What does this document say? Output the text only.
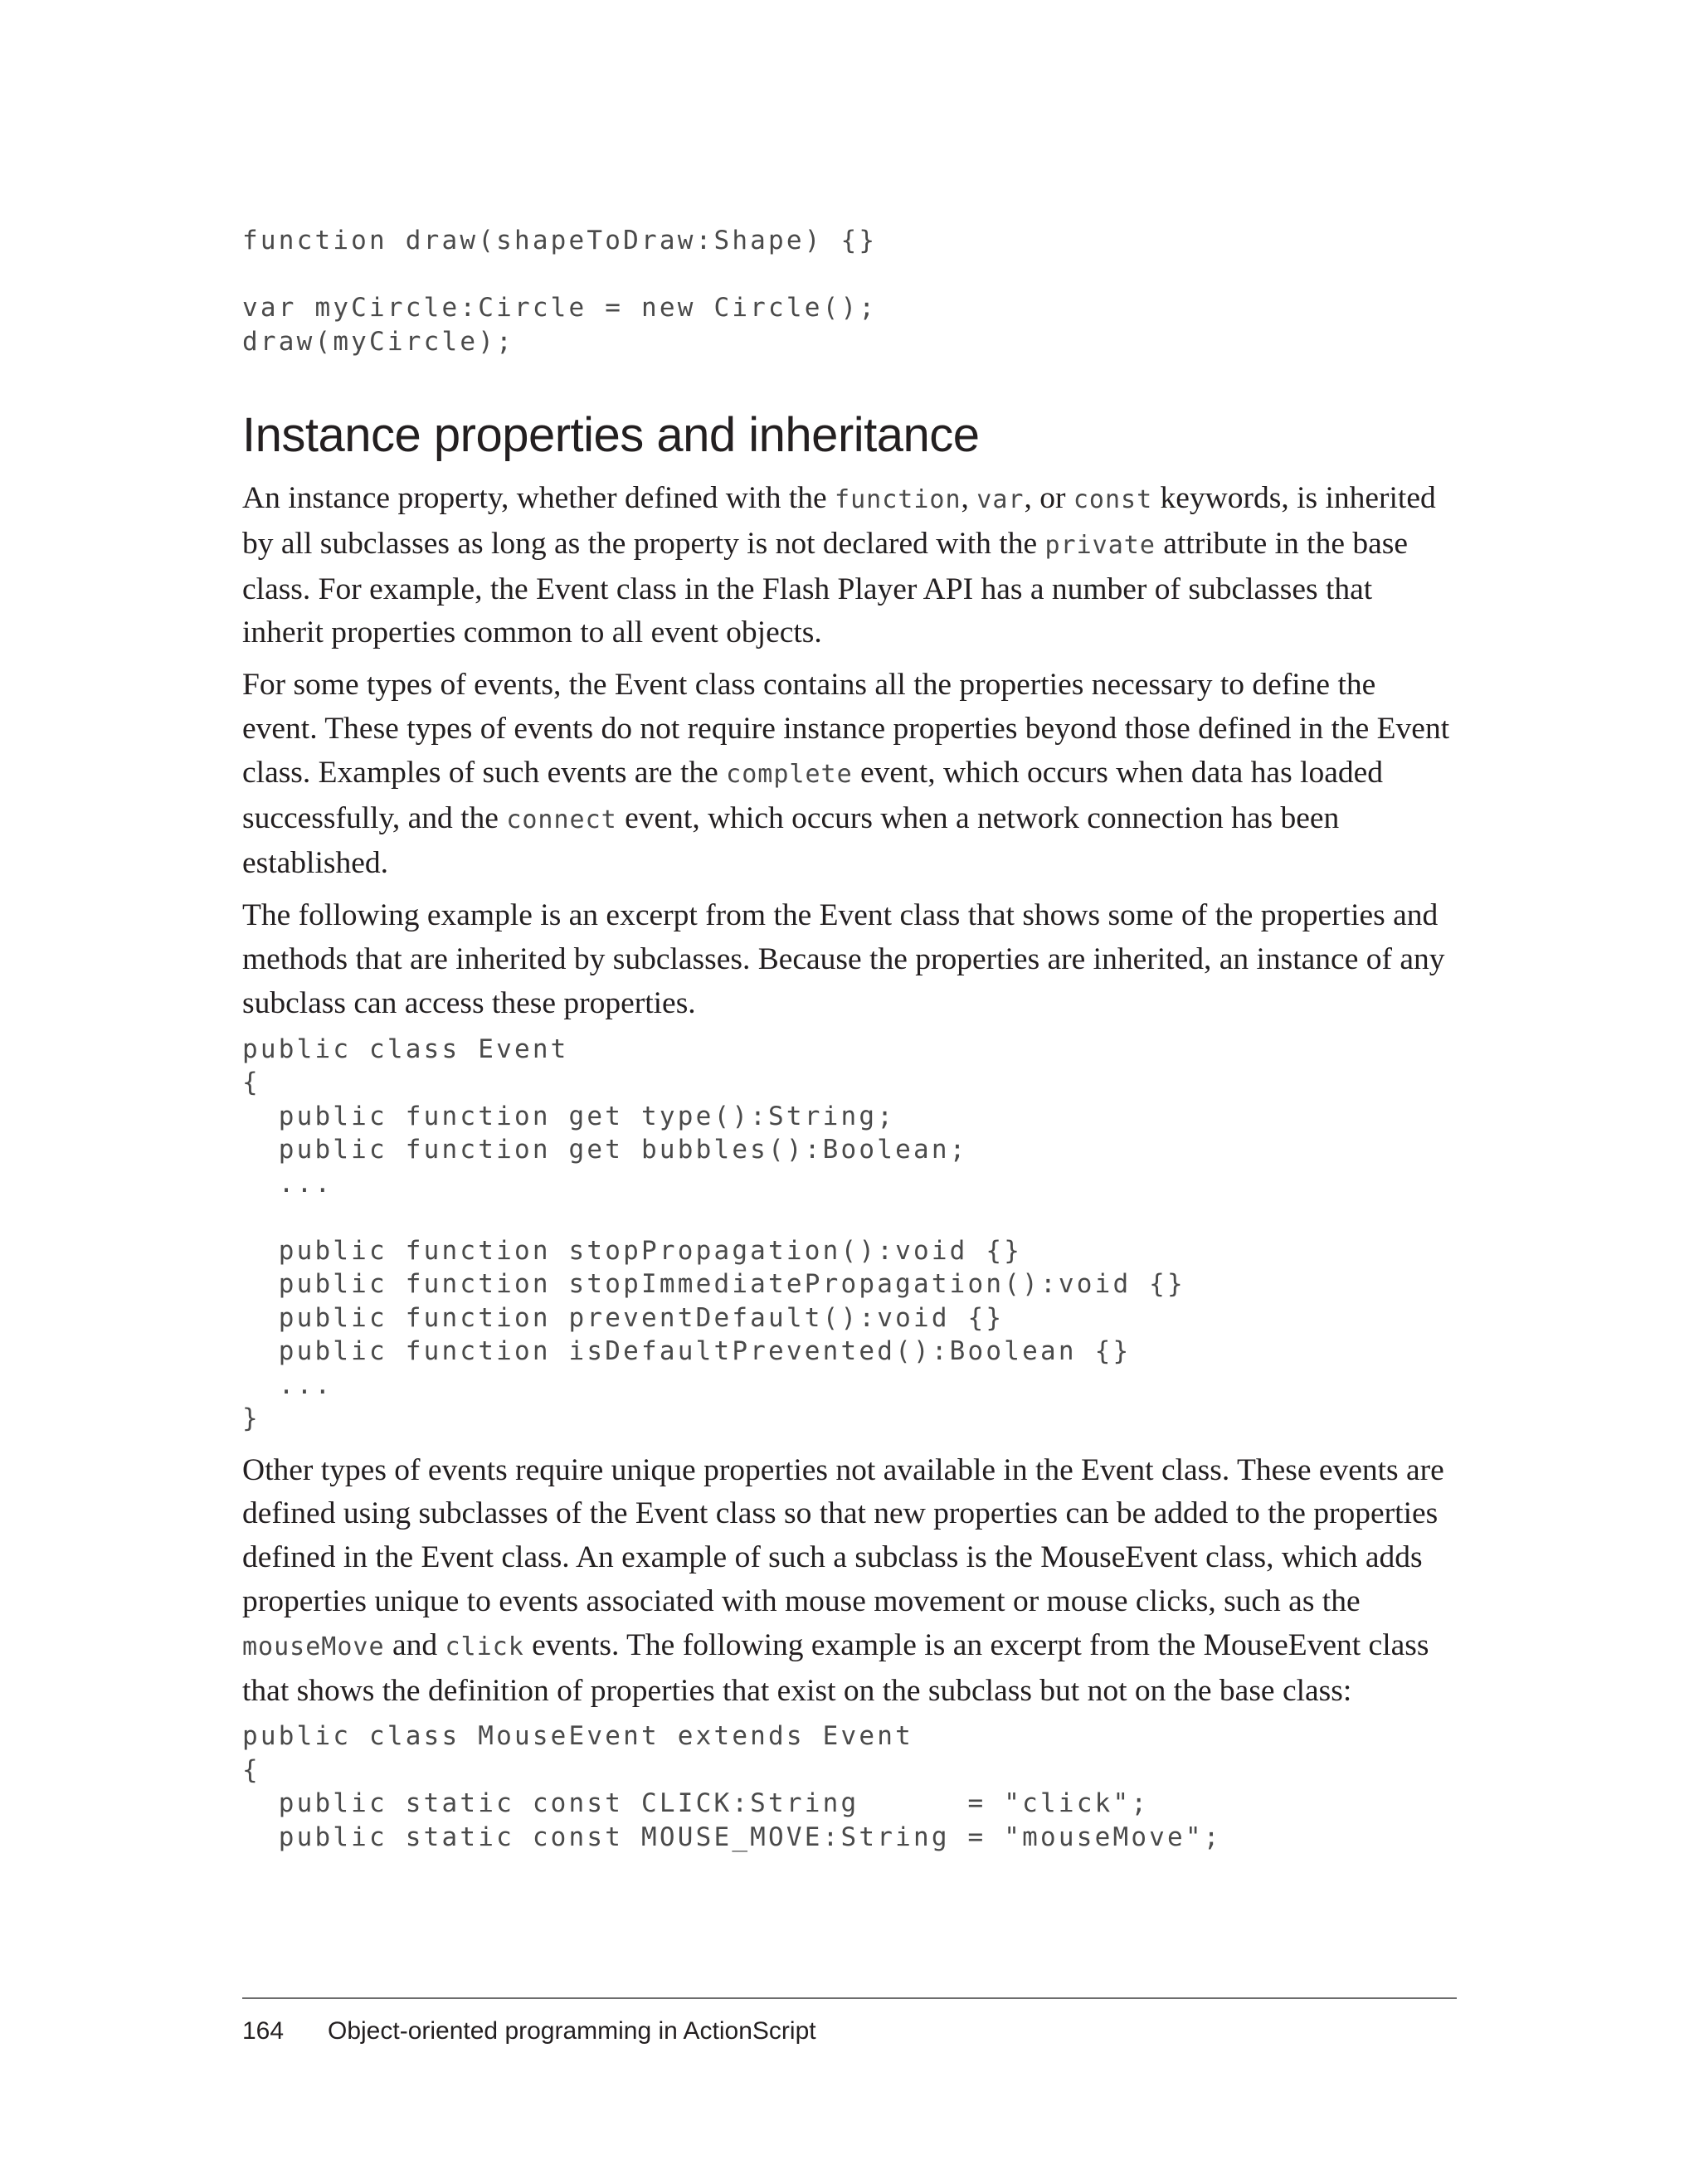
function draw(shapeToDraw:Shape) {}

var myCircle:Circle = new Circle();
draw(myCircle);
Instance properties and inheritance

An instance property, whether defined with the function, var, or const keywords, is inherited by all subclasses as long as the property is not declared with the private attribute in the base class. For example, the Event class in the Flash Player API has a number of subclasses that inherit properties common to all event objects.

For some types of events, the Event class contains all the properties necessary to define the event. These types of events do not require instance properties beyond those defined in the Event class. Examples of such events are the complete event, which occurs when data has loaded successfully, and the connect event, which occurs when a network connection has been established.

The following example is an excerpt from the Event class that shows some of the properties and methods that are inherited by subclasses. Because the properties are inherited, an instance of any subclass can access these properties.

public class Event
{
public function get type():String;
public function get bubbles():Boolean;
...

public function stopPropagation():void {}
public function stopImmediatePropagation():void {}
public function preventDefault():void {}
public function isDefaultPrevented():Boolean {}
...
}

Other types of events require unique properties not available in the Event class. These events are defined using subclasses of the Event class so that new properties can be added to the properties defined in the Event class. An example of such a subclass is the MouseEvent class, which adds properties unique to events associated with mouse movement or mouse clicks, such as the mouseMove and click events. The following example is an excerpt from the MouseEvent class that shows the definition of properties that exist on the subclass but not on the base class:

public class MouseEvent extends Event
{
public static const CLICK:String      = "click";
public static const MOUSE_MOVE:String = "mouseMove";
164	Object-oriented programming in ActionScript
